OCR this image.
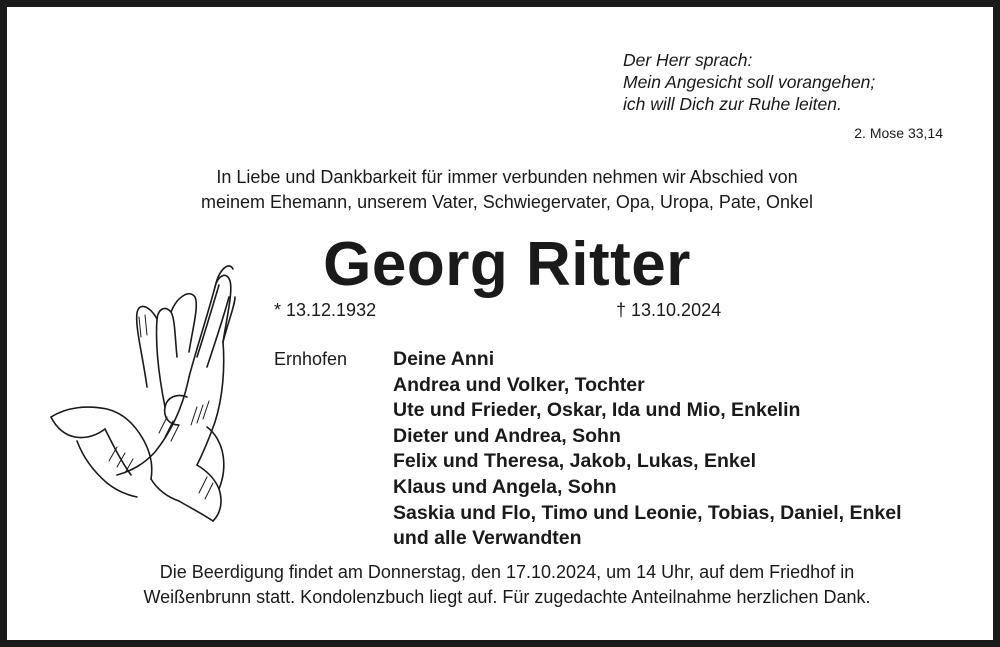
Der Herr sprach:
Mein Angesicht soll vorangehen;
ich will Dich zur Ruhe leiten.
2. Mose 33,14
In Liebe und Dankbarkeit für immer verbunden nehmen wir Abschied von
meinem Ehemann, unserem Vater, Schwiegervater, Opa, Uropa, Pate, Onkel
Georg Ritter
* 13.12.1932	† 13.10.2024
Ernhofen Deine Anni
Andrea und Volker, Tochter
Ute und Frieder, Oskar, Ida und Mio, Enkelin
Dieter und Andrea, Sohn
Felix und Theresa, Jakob, Lukas, Enkel
Klaus und Angela, Sohn
Saskia und Flo, Timo und Leonie, Tobias, Daniel, Enkel
und alle Verwandten
Die Beerdigung findet am Donnerstag, den 17.10.2024, um 14 Uhr, auf dem Friedhof in
Weißenbrunn statt. Kondolenzbuch liegt auf. Für zugedachte Anteilnahme herzlichen Dank.
